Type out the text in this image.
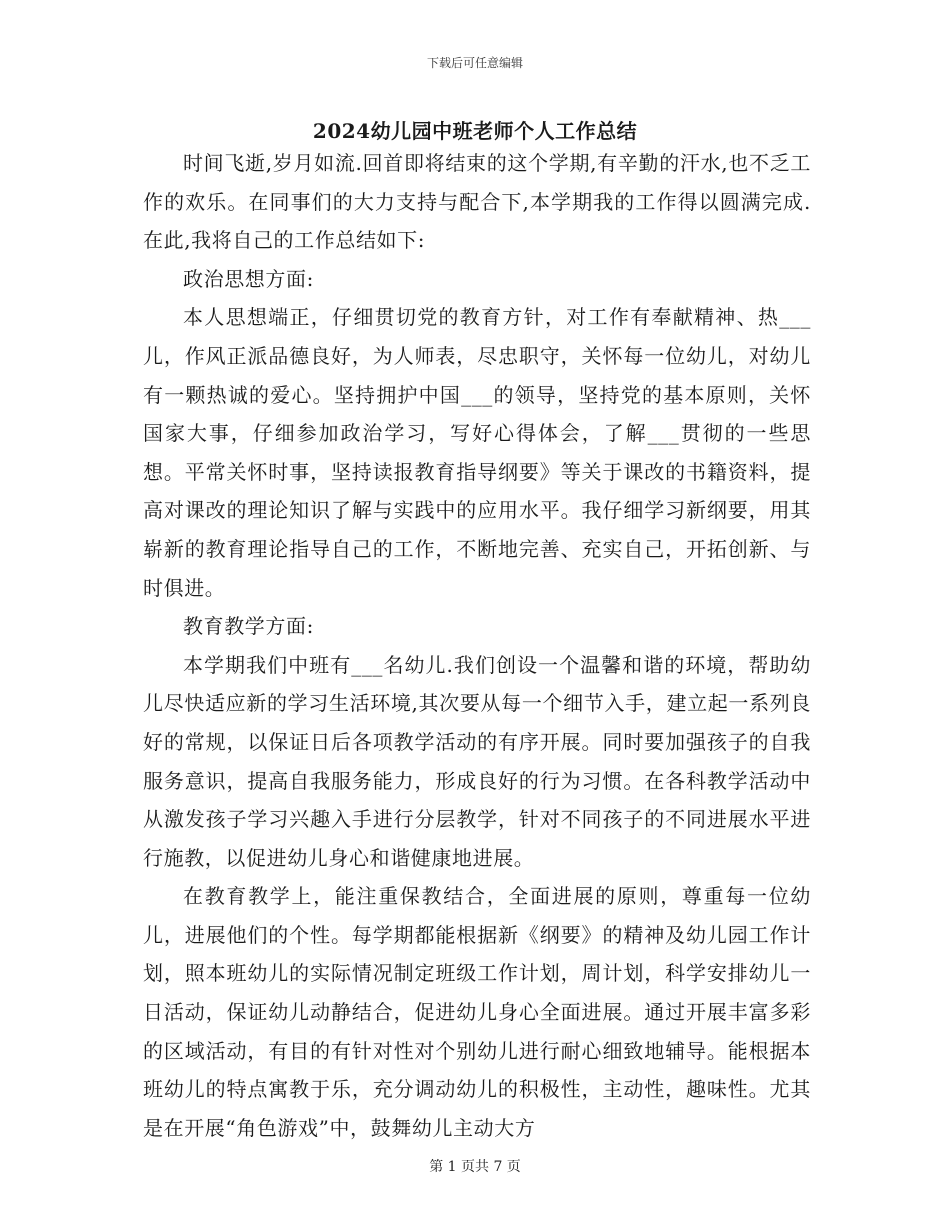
下载后可任意编辑
2024幼儿园中班老师个人工作总结

时间飞逝,岁月如流.回首即将结束的这个学期,有辛勤的汗水,也不乏工作的欢乐。在同事们的大力支持与配合下,本学期我的工作得以圆满完成.在此,我将自己的工作总结如下:

政治思想方面:

本人思想端正，仔细贯切党的教育方针，对工作有奉献精神、热___儿，作风正派品德良好，为人师表，尽忠职守，关怀每一位幼儿，对幼儿有一颗热诚的爱心。坚持拥护中国___的领导，坚持党的基本原则，关怀国家大事，仔细参加政治学习，写好心得体会，了解___贯彻的一些思想。平常关怀时事，坚持读报教育指导纲要》等关于课改的书籍资料，提高对课改的理论知识了解与实践中的应用水平。我仔细学习新纲要，用其崭新的教育理论指导自己的工作，不断地完善、充实自己，开拓创新、与时俱进。

教育教学方面:

本学期我们中班有___名幼儿.我们创设一个温馨和谐的环境，帮助幼儿尽快适应新的学习生活环境,其次要从每一个细节入手，建立起一系列良好的常规，以保证日后各项教学活动的有序开展。同时要加强孩子的自我服务意识，提高自我服务能力，形成良好的行为习惯。在各科教学活动中从激发孩子学习兴趣入手进行分层教学，针对不同孩子的不同进展水平进行施教，以促进幼儿身心和谐健康地进展。

在教育教学上，能注重保教结合，全面进展的原则，尊重每一位幼儿，进展他们的个性。每学期都能根据新《纲要》的精神及幼儿园工作计划，照本班幼儿的实际情况制定班级工作计划，周计划，科学安排幼儿一日活动，保证幼儿动静结合，促进幼儿身心全面进展。通过开展丰富多彩的区域活动，有目的有针对性对个别幼儿进行耐心细致地辅导。能根据本班幼儿的特点寓教于乐，充分调动幼儿的积极性，主动性，趣味性。尤其是在开展“角色游戏”中，鼓舞幼儿主动大方

第 1 页共 7 页
